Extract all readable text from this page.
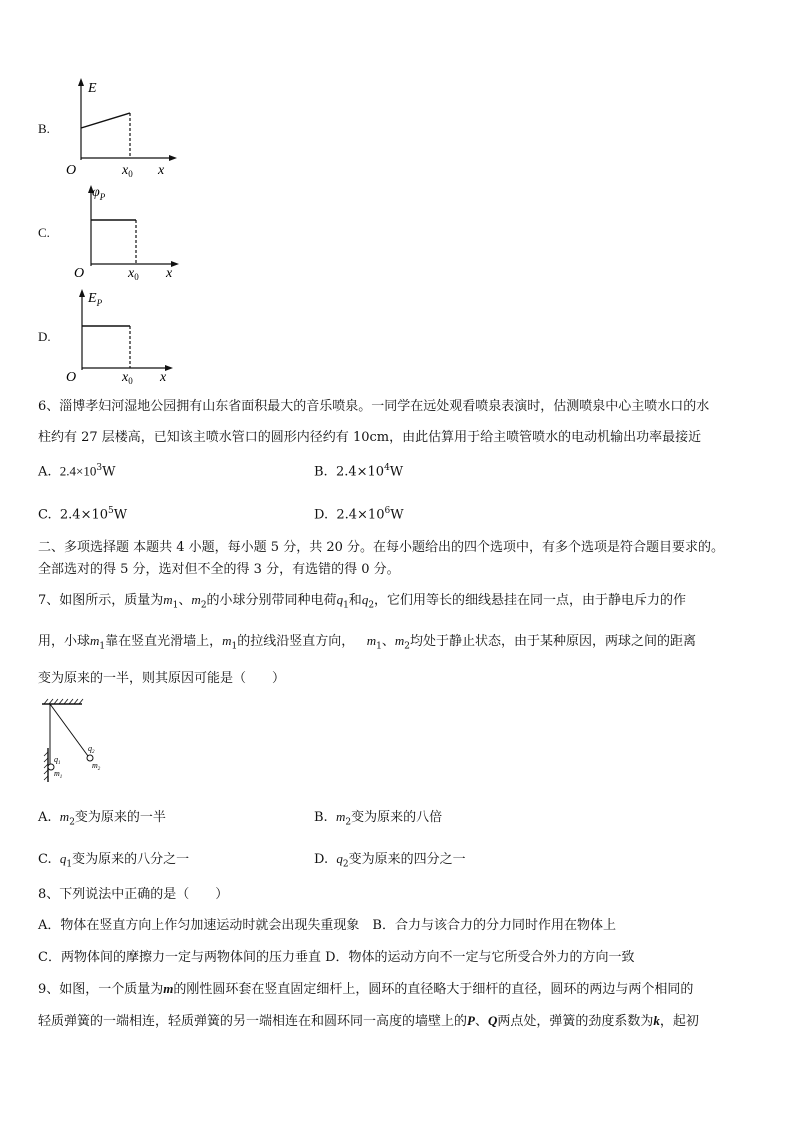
B.
E
O	$x_0$ x
C.
$\varphi_P$
O	$x_0$ x
D.
$E_P$
O	$x_0$ x
6、淄博孝妇河湿地公园拥有山东省面积最大的音乐喷泉。一同学在远处观看喷泉表演时，估测喷泉中心主喷水口的水
柱约有 27 层楼高，已知该主喷水管口的圆形内径约有 10cm，由此估算用于给主喷管喷水的电动机输出功率最接近
A. $2.4\times 10^3W$	B. $2.4\times 10^4W$
C. $2.4\times 10^5W$	D. $2.4\times 10^6W$
二、多项选择题 本题共 4 小题，每小题 5 分，共 20 分。在每小题给出的四个选项中，有多个选项是符合题目要求的。
全部选对的得 5 分，选对但不全的得 3 分，有选错的得 0 分。
7、如图所示，质量为$m_1$、$m_2$的小球分别带同种电荷$q_1$和$q_2$，它们用等长的细线悬挂在同一点，由于静电斥力的作
用，小球$m_1$靠在竖直光滑墙上，$m_1$的拉线沿竖直方向， $m_1$、$m_2$均处于静止状态，由于某种原因，两球之间的距离
变为原来的一半，则其原因可能是（　　）
$q_1$
$m_1$
$q_2$
$m_2$
A. $m_2$变为原来的一半	B. $m_2$变为原来的八倍
C. $q_1$变为原来的八分之一	D. $q_2$变为原来的四分之一
8、下列说法中正确的是（　　）
A．物体在竖直方向上作匀加速运动时就会出现失重现象　B．合力与该合力的分力同时作用在物体上
C．两物体间的摩擦力一定与两物体间的压力垂直 D．物体的运动方向不一定与它所受合外力的方向一致
9、如图，一个质量为m的刚性圆环套在竖直固定细杆上，圆环的直径略大于细杆的直径，圆环的两边与两个相同的
轻质弹簧的一端相连，轻质弹簧的另一端相连在和圆环同一高度的墙壁上的P、Q两点处，弹簧的劲度系数为k，起初
